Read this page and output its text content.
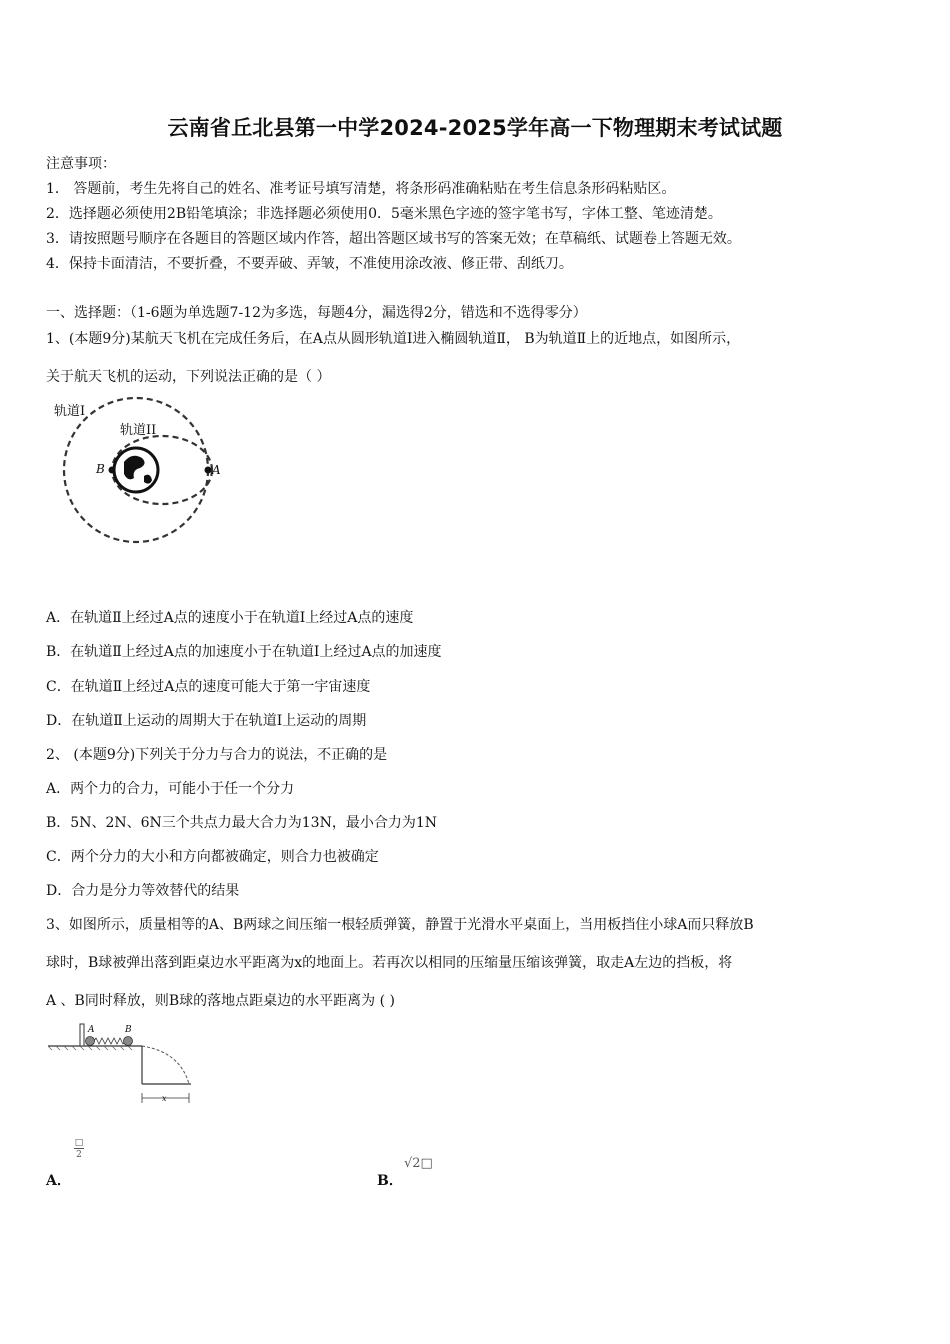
云南省丘北县第一中学2024-2025学年高一下物理期末考试试题
注意事项：
1． 答题前，考生先将自己的姓名、准考证号填写清楚，将条形码准确粘贴在考生信息条形码粘贴区。
2．选择题必须使用2B铅笔填涂；非选择题必须使用0．5毫米黑色字迹的签字笔书写，字体工整、笔迹清楚。
3．请按照题号顺序在各题目的答题区域内作答，超出答题区域书写的答案无效；在草稿纸、试题卷上答题无效。
4．保持卡面清洁，不要折叠，不要弄破、弄皱，不准使用涂改液、修正带、刮纸刀。
一、选择题：（1-6题为单选题7-12为多选，每题4分，漏选得2分，错选和不选得零分）
1、(本题9分)某航天飞机在完成任务后，在A点从圆形轨道I进入椭圆轨道Ⅱ， B为轨道Ⅱ上的近地点，如图所示，
关于航天飞机的运动，下列说法正确的是（ ）
轨道I
轨道II
A
B
A．在轨道Ⅱ上经过A点的速度小于在轨道I上经过A点的速度
B．在轨道Ⅱ上经过A点的加速度小于在轨道I上经过A点的加速度
C．在轨道Ⅱ上经过A点的速度可能大于第一宇宙速度
D．在轨道Ⅱ上运动的周期大于在轨道I上运动的周期
2、 (本题9分)下列关于分力与合力的说法，不正确的是
A．两个力的合力，可能小于任一个分力
B．5N、2N、6N三个共点力最大合力为13N，最小合力为1N
C．两个分力的大小和方向都被确定，则合力也被确定
D．合力是分力等效替代的结果
3、如图所示，质量相等的A、B两球之间压缩一根轻质弹簧，静置于光滑水平桌面上，当用板挡住小球A而只释放B
球时，B球被弹出落到距桌边水平距离为x的地面上。若再次以相同的压缩量压缩该弹簧，取走A左边的挡板，将
A 、B同时释放，则B球的落地点距桌边的水平距离为 ( )
A	B
x
A．
□
2
B．
√2□
